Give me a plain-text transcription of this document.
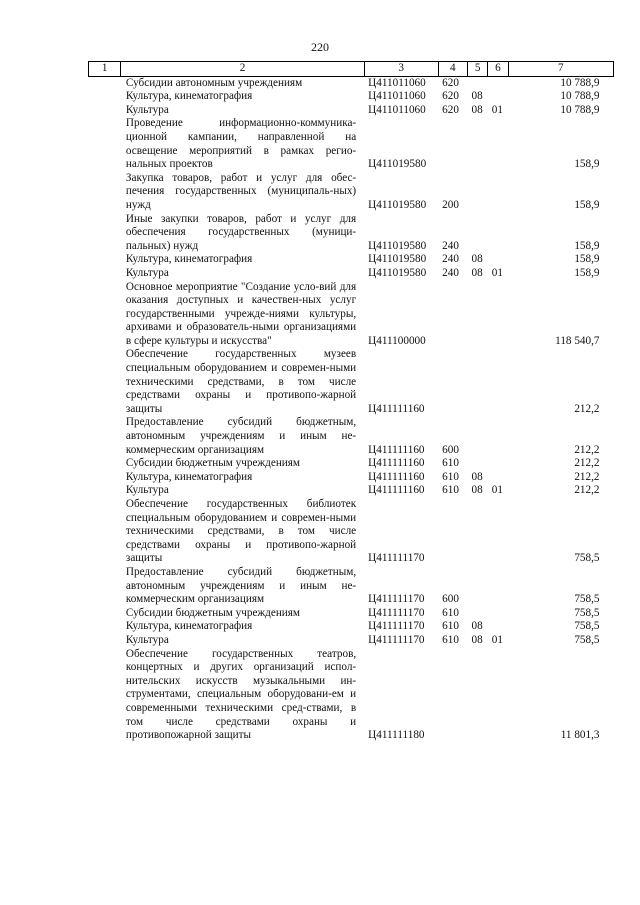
220
1	2	3	4	5	6	7
	Субсидии автономным учреждениям	Ц411011060	620			10 788,9
	Культура, кинематография	Ц411011060	620	08		10 788,9
	Культура	Ц411011060	620	08	01	10 788,9
	Проведение информационно-коммуника-ционной кампании, направленной на освещение мероприятий в рамках регио-нальных проектов	Ц411019580				158,9
	Закупка товаров, работ и услуг для обес-печения государственных (муниципаль-ных) нужд	Ц411019580	200			158,9
	Иные закупки товаров, работ и услуг для обеспечения государственных (муници-пальных) нужд	Ц411019580	240			158,9
	Культура, кинематография	Ц411019580	240	08		158,9
	Культура	Ц411019580	240	08	01	158,9
	Основное мероприятие "Создание усло-вий для оказания доступных и качествен-ных услуг государственными учрежде-ниями культуры, архивами и образователь-ными организациями в сфере культуры и искусства"	Ц411100000				118 540,7
	Обеспечение государственных музеев специальным оборудованием и современ-ными техническими средствами, в том числе средствами охраны и противопо-жарной защиты	Ц411111160				212,2
	Предоставление субсидий бюджетным, автономным учреждениям и иным не-коммерческим организациям	Ц411111160	600			212,2
	Субсидии бюджетным учреждениям	Ц411111160	610			212,2
	Культура, кинематография	Ц411111160	610	08		212,2
	Культура	Ц411111160	610	08	01	212,2
	Обеспечение государственных библиотек специальным оборудованием и современ-ными техническими средствами, в том числе средствами охраны и противопо-жарной защиты	Ц411111170				758,5
	Предоставление субсидий бюджетным, автономным учреждениям и иным не-коммерческим организациям	Ц411111170	600			758,5
	Субсидии бюджетным учреждениям	Ц411111170	610			758,5
	Культура, кинематография	Ц411111170	610	08		758,5
	Культура	Ц411111170	610	08	01	758,5
	Обеспечение государственных театров, концертных и других организаций испол-нительских искусств музыкальными ин-струментами, специальным оборудовани-ем и современными техническими сред-ствами, в том числе средствами охраны и противопожарной защиты	Ц411111180				11 801,3
